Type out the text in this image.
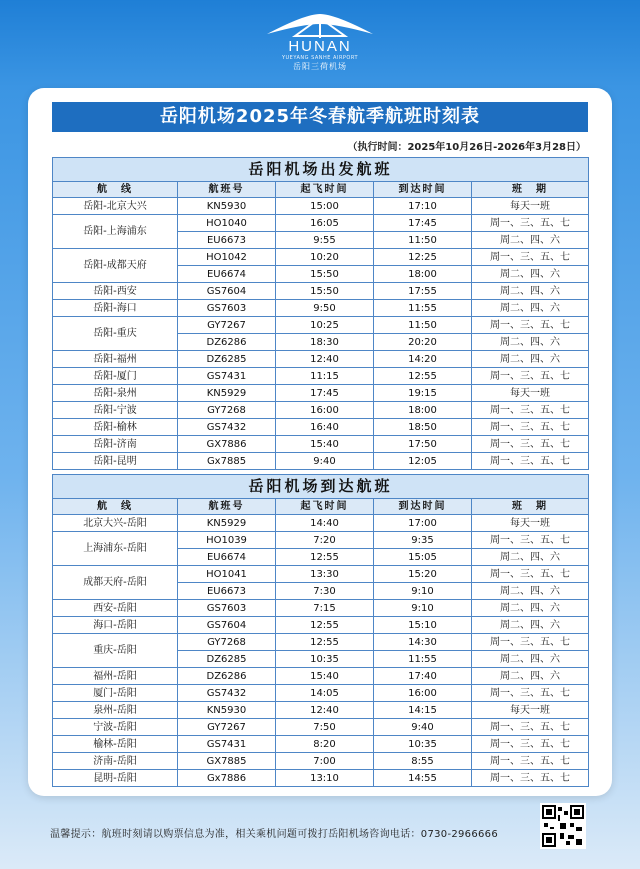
HUNAN
YUEYANG SANHE AIRPORT
岳阳三荷机场
岳阳机场2025年冬春航季航班时刻表
（执行时间：2025年10月26日-2026年3月28日）
岳阳机场出发航班				
航　线	航班号	起飞时间	到达时间	班　期
岳阳-北京大兴	KN5930	15:00	17:10	每天一班
岳阳-上海浦东	HO1040	16:05	17:45	周一、三、五、七
	EU6673	9:55	11:50	周二、四、六
岳阳-成都天府	HO1042	10:20	12:25	周一、三、五、七
	EU6674	15:50	18:00	周二、四、六
岳阳-西安	GS7604	15:50	17:55	周二、四、六
岳阳-海口	GS7603	9:50	11:55	周二、四、六
岳阳-重庆	GY7267	10:25	11:50	周一、三、五、七
	DZ6286	18:30	20:20	周二、四、六
岳阳-福州	DZ6285	12:40	14:20	周二、四、六
岳阳-厦门	GS7431	11:15	12:55	周一、三、五、七
岳阳-泉州	KN5929	17:45	19:15	每天一班
岳阳-宁波	GY7268	16:00	18:00	周一、三、五、七
岳阳-榆林	GS7432	16:40	18:50	周一、三、五、七
岳阳-济南	GX7886	15:40	17:50	周一、三、五、七
岳阳-昆明	Gx7885	9:40	12:05	周一、三、五、七
岳阳机场到达航班				
航　线	航班号	起飞时间	到达时间	班　期
北京大兴-岳阳	KN5929	14:40	17:00	每天一班
上海浦东-岳阳	HO1039	7:20	9:35	周一、三、五、七
	EU6674	12:55	15:05	周二、四、六
成都天府-岳阳	HO1041	13:30	15:20	周一、三、五、七
	EU6673	7:30	9:10	周二、四、六
西安-岳阳	GS7603	7:15	9:10	周二、四、六
海口-岳阳	GS7604	12:55	15:10	周二、四、六
重庆-岳阳	GY7268	12:55	14:30	周一、三、五、七
	DZ6285	10:35	11:55	周二、四、六
福州-岳阳	DZ6286	15:40	17:40	周二、四、六
厦门-岳阳	GS7432	14:05	16:00	周一、三、五、七
泉州-岳阳	KN5930	12:40	14:15	每天一班
宁波-岳阳	GY7267	7:50	9:40	周一、三、五、七
榆林-岳阳	GS7431	8:20	10:35	周一、三、五、七
济南-岳阳	GX7885	7:00	8:55	周一、三、五、七
昆明-岳阳	Gx7886	13:10	14:55	周一、三、五、七
温馨提示：航班时刻请以购票信息为准，相关乘机问题可拨打岳阳机场咨询电话：0730-2966666
